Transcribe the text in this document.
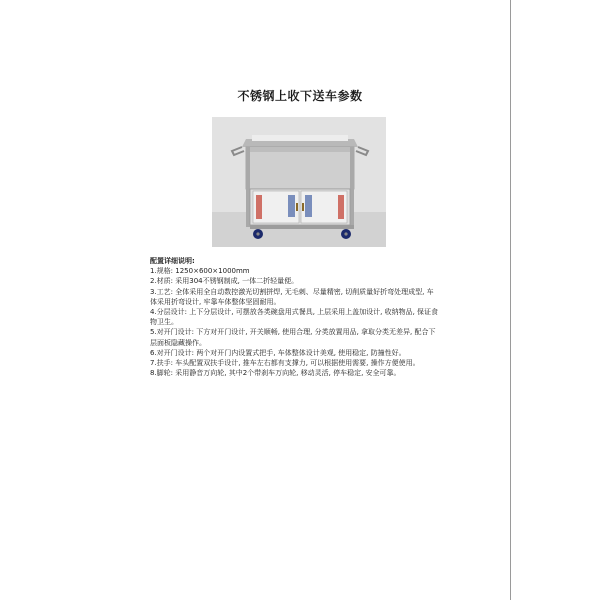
不锈钢上收下送车参数
配置详细说明:
1.规格: 1250×600×1000mm
2.材质: 采用304不锈钢制成, 一体二折轻量便。
3.工艺: 全体采用全自动数控激光切割拼焊, 无毛刺、尽量精密, 切削质量好折弯处理成型, 车体采用折弯设计, 牢靠车体整体坚固耐用。
4.分层设计: 上下分层设计, 可摆放各类碗盘用式餐具, 上层采用上盖加设计, 收纳物品, 保证食物卫生。
5.对开门设计: 下方对开门设计, 开关顺畅, 使用合理, 分类放置用品, 拿取分类无差异, 配合下层面板隐藏操作。
6.对开门设计: 两个对开门内设置式把手, 车体整体设计美观, 使用稳定, 防撞性好。
7.扶手: 车头配置双扶手设计, 推车左右都有支撑力, 可以根据使用需要, 操作方便使用。
8.脚轮: 采用静音万向轮, 其中2个带刹车万向轮, 移动灵活, 停车稳定, 安全可靠。
